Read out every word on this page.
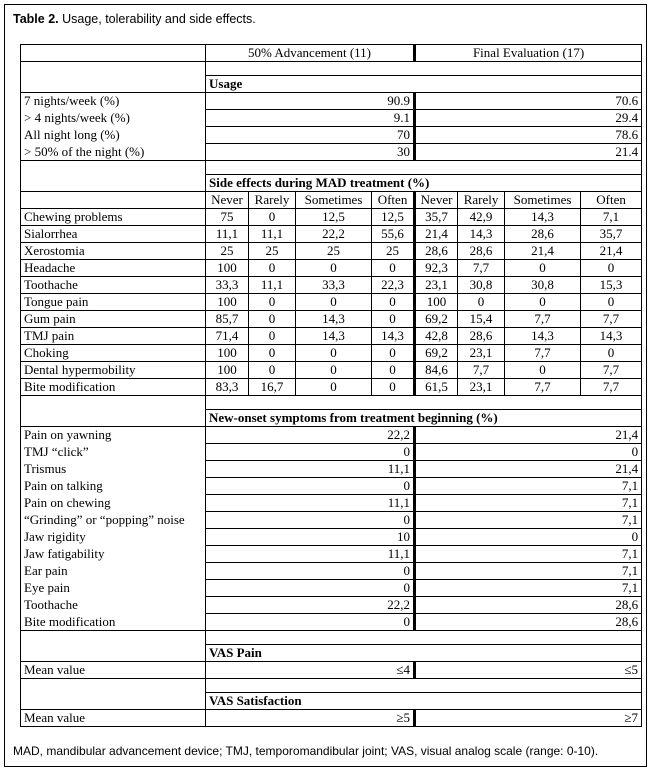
Table 2. Usage, tolerability and side effects.
	50% Advancement (11)				Final Evaluation (17)			

	Usage							
7 nights/week (%)	90.9				70.6			
> 4 nights/week (%)	9.1				29.4			
All night long (%)	70				78.6			
> 50% of the night (%)	30				21.4			

	Side effects during MAD treatment (%)							
	Never	Rarely	Sometimes	Often	Never	Rarely	Sometimes	Often
Chewing problems	75	0	12,5	12,5	35,7	42,9	14,3	7,1
Sialorrhea	11,1	11,1	22,2	55,6	21,4	14,3	28,6	35,7
Xerostomia	25	25	25	25	28,6	28,6	21,4	21,4
Headache	100	0	0	0	92,3	7,7	0	0
Toothache	33,3	11,1	33,3	22,3	23,1	30,8	30,8	15,3
Tongue pain	100	0	0	0	100	0	0	0
Gum pain	85,7	0	14,3	0	69,2	15,4	7,7	7,7
TMJ pain	71,4	0	14,3	14,3	42,8	28,6	14,3	14,3
Choking	100	0	0	0	69,2	23,1	7,7	0
Dental hypermobility	100	0	0	0	84,6	7,7	0	7,7
Bite modification	83,3	16,7	0	0	61,5	23,1	7,7	7,7

	New-onset symptoms from treatment beginning (%)							
Pain on yawning	22,2				21,4			
TMJ “click”	0				0			
Trismus	11,1				21,4			
Pain on talking	0				7,1			
Pain on chewing	11,1				7,1			
“Grinding” or “popping” noise	0				7,1			
Jaw rigidity	10				0			
Jaw fatigability	11,1				7,1			
Ear pain	0				7,1			
Eye pain	0				7,1			
Toothache	22,2				28,6			
Bite modification	0				28,6			

	VAS Pain							
Mean value	≤4				≤5			

	VAS Satisfaction							
Mean value	≥5				≥7			
MAD, mandibular advancement device; TMJ, temporomandibular joint; VAS, visual analog scale (range: 0-10).
